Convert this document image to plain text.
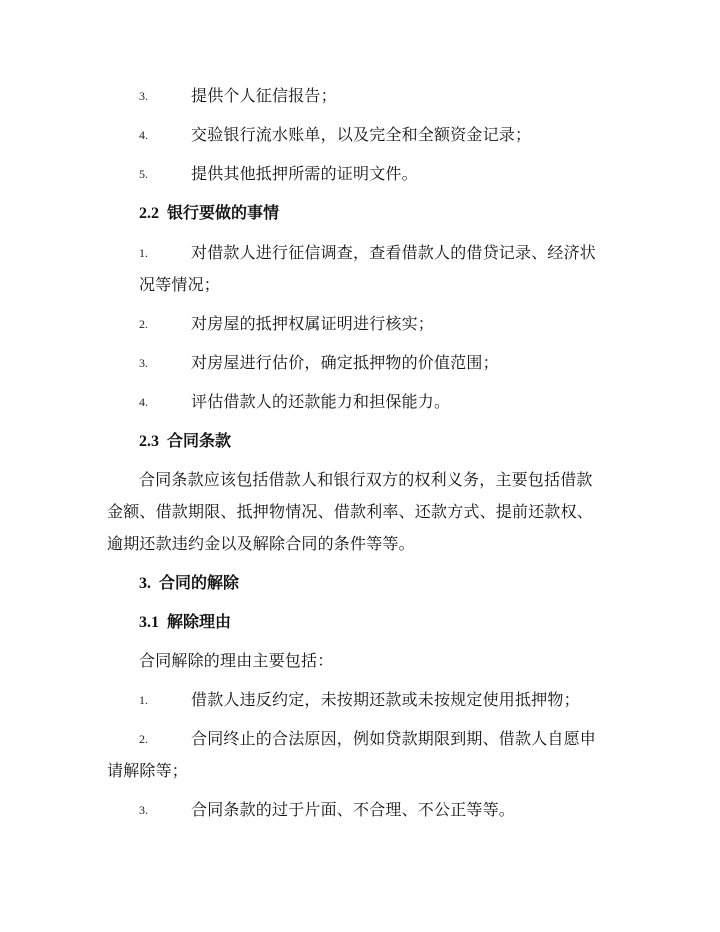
3.	提供个人征信报告；
4.	交验银行流水账单，以及完全和全额资金记录；
5.	提供其他抵押所需的证明文件。
2.2 银行要做的事情
1.	对借款人进行征信调查，查看借款人的借贷记录、经济状
况等情况；
2.	对房屋的抵押权属证明进行核实；
3.	对房屋进行估价，确定抵押物的价值范围；
4.	评估借款人的还款能力和担保能力。
2.3 合同条款
合同条款应该包括借款人和银行双方的权利义务，主要包括借款
金额、借款期限、抵押物情况、借款利率、还款方式、提前还款权、
逾期还款违约金以及解除合同的条件等等。
3. 合同的解除
3.1 解除理由
合同解除的理由主要包括：
1.	借款人违反约定，未按期还款或未按规定使用抵押物；
2.	合同终止的合法原因，例如贷款期限到期、借款人自愿申
请解除等；
3.	合同条款的过于片面、不合理、不公正等等。
